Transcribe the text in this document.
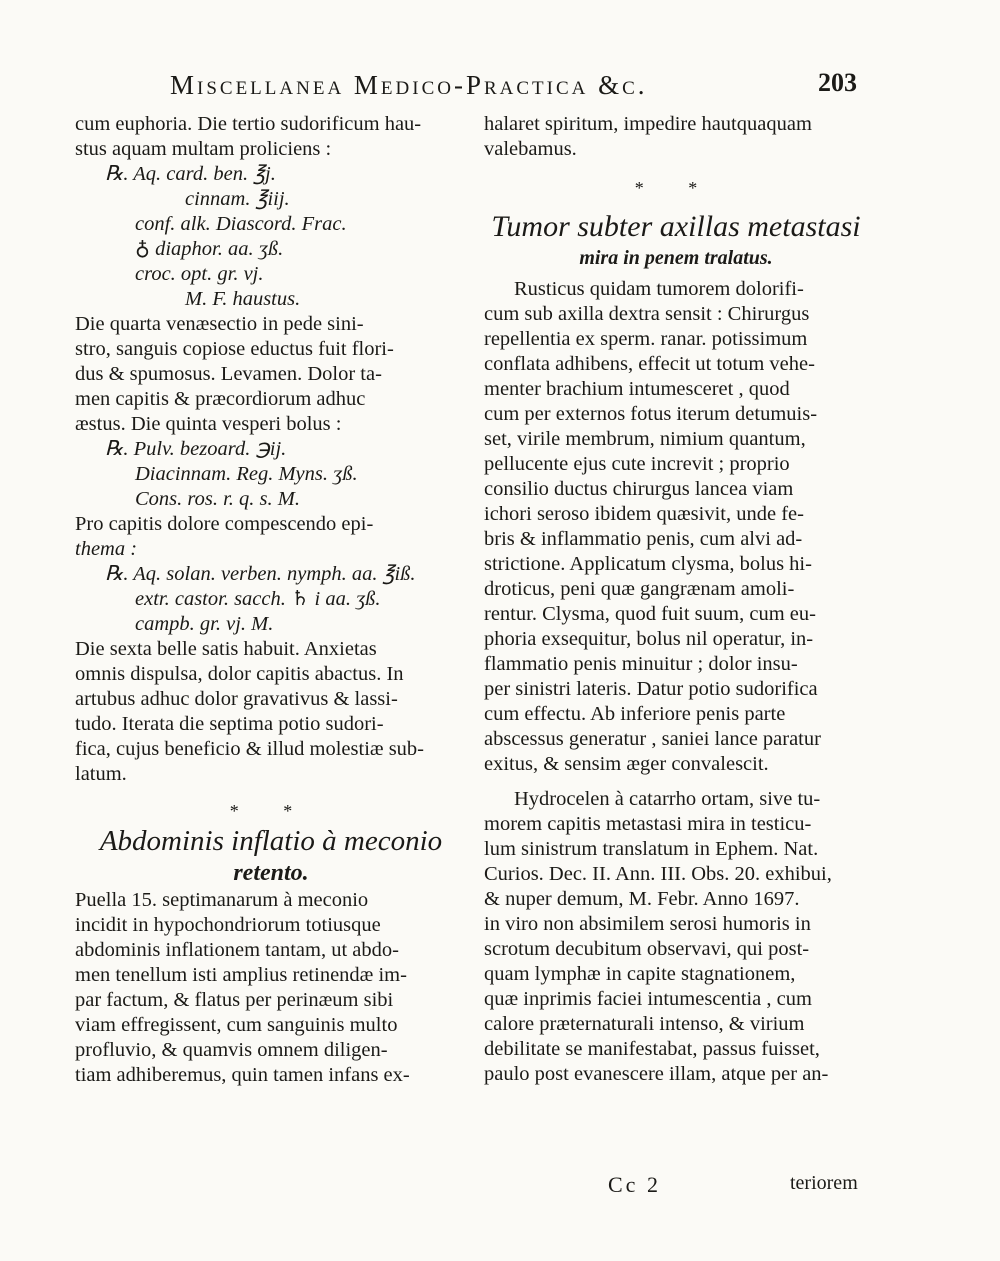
Miscellanea Medico-Practica &c.	203
cum euphoria. Die tertio sudorificum hau-
stus aquam multam proliciens :
℞. Aq. card. ben. ℥j.
cinnam. ℥iij.
conf. alk. Diascord. Frac.
♁ diaphor. aa. ʒß.
croc. opt. gr. vj.
M. F. haustus.
Die quarta venæsectio in pede sini-
stro, sanguis copiose eductus fuit flori-
dus & spumosus. Levamen. Dolor ta-
men capitis & præcordiorum adhuc
æstus. Die quinta vesperi bolus :
℞. Pulv. bezoard. ℈ij.
Diacinnam. Reg. Myns. ʒß.
Cons. ros. r. q. s. M.
Pro capitis dolore compescendo epi-
thema :
℞. Aq. solan. verben. nymph. aa. ℥iß.
extr. castor. sacch. ♄ i aa. ʒß.
campb. gr. vj. M.
Die sexta belle satis habuit. Anxietas
omnis dispulsa, dolor capitis abactus. In
artubus adhuc dolor gravativus & lassi-
tudo. Iterata die septima potio sudori-
fica, cujus beneficio & illud molestiæ sub-
latum.
* *
Abdominis inflatio à meconio
retento.
Puella 15. septimanarum à meconio
incidit in hypochondriorum totiusque
abdominis inflationem tantam, ut abdo-
men tenellum isti amplius retinendæ im-
par factum, & flatus per perinæum sibi
viam effregissent, cum sanguinis multo
profluvio, & quamvis omnem diligen-
tiam adhiberemus, quin tamen infans ex-
halaret spiritum, impedire hautquaquam
valebamus.
* *
Tumor subter axillas metastasi
mira in penem tralatus.
Rusticus quidam tumorem dolorifi-
cum sub axilla dextra sensit : Chirurgus
repellentia ex sperm. ranar. potissimum
conflata adhibens, effecit ut totum vehe-
menter brachium intumesceret , quod
cum per externos fotus iterum detumuis-
set, virile membrum, nimium quantum,
pellucente ejus cute increvit ; proprio
consilio ductus chirurgus lancea viam
ichori seroso ibidem quæsivit, unde fe-
bris & inflammatio penis, cum alvi ad-
strictione. Applicatum clysma, bolus hi-
droticus, peni quæ gangrænam amoli-
rentur. Clysma, quod fuit suum, cum eu-
phoria exsequitur, bolus nil operatur, in-
flammatio penis minuitur ; dolor insu-
per sinistri lateris. Datur potio sudorifica
cum effectu. Ab inferiore penis parte
abscessus generatur , saniei lance paratur
exitus, & sensim æger convalescit.
Hydrocelen à catarrho ortam, sive tu-
morem capitis metastasi mira in testicu-
lum sinistrum translatum in Ephem. Nat.
Curios. Dec. II. Ann. III. Obs. 20. exhibui,
& nuper demum, M. Febr. Anno 1697.
in viro non absimilem serosi humoris in
scrotum decubitum observavi, qui post-
quam lymphæ in capite stagnationem,
quæ inprimis faciei intumescentia , cum
calore præternaturali intenso, & virium
debilitate se manifestabat, passus fuisset,
paulo post evanescere illam, atque per an-
Cc 2	teriorem
